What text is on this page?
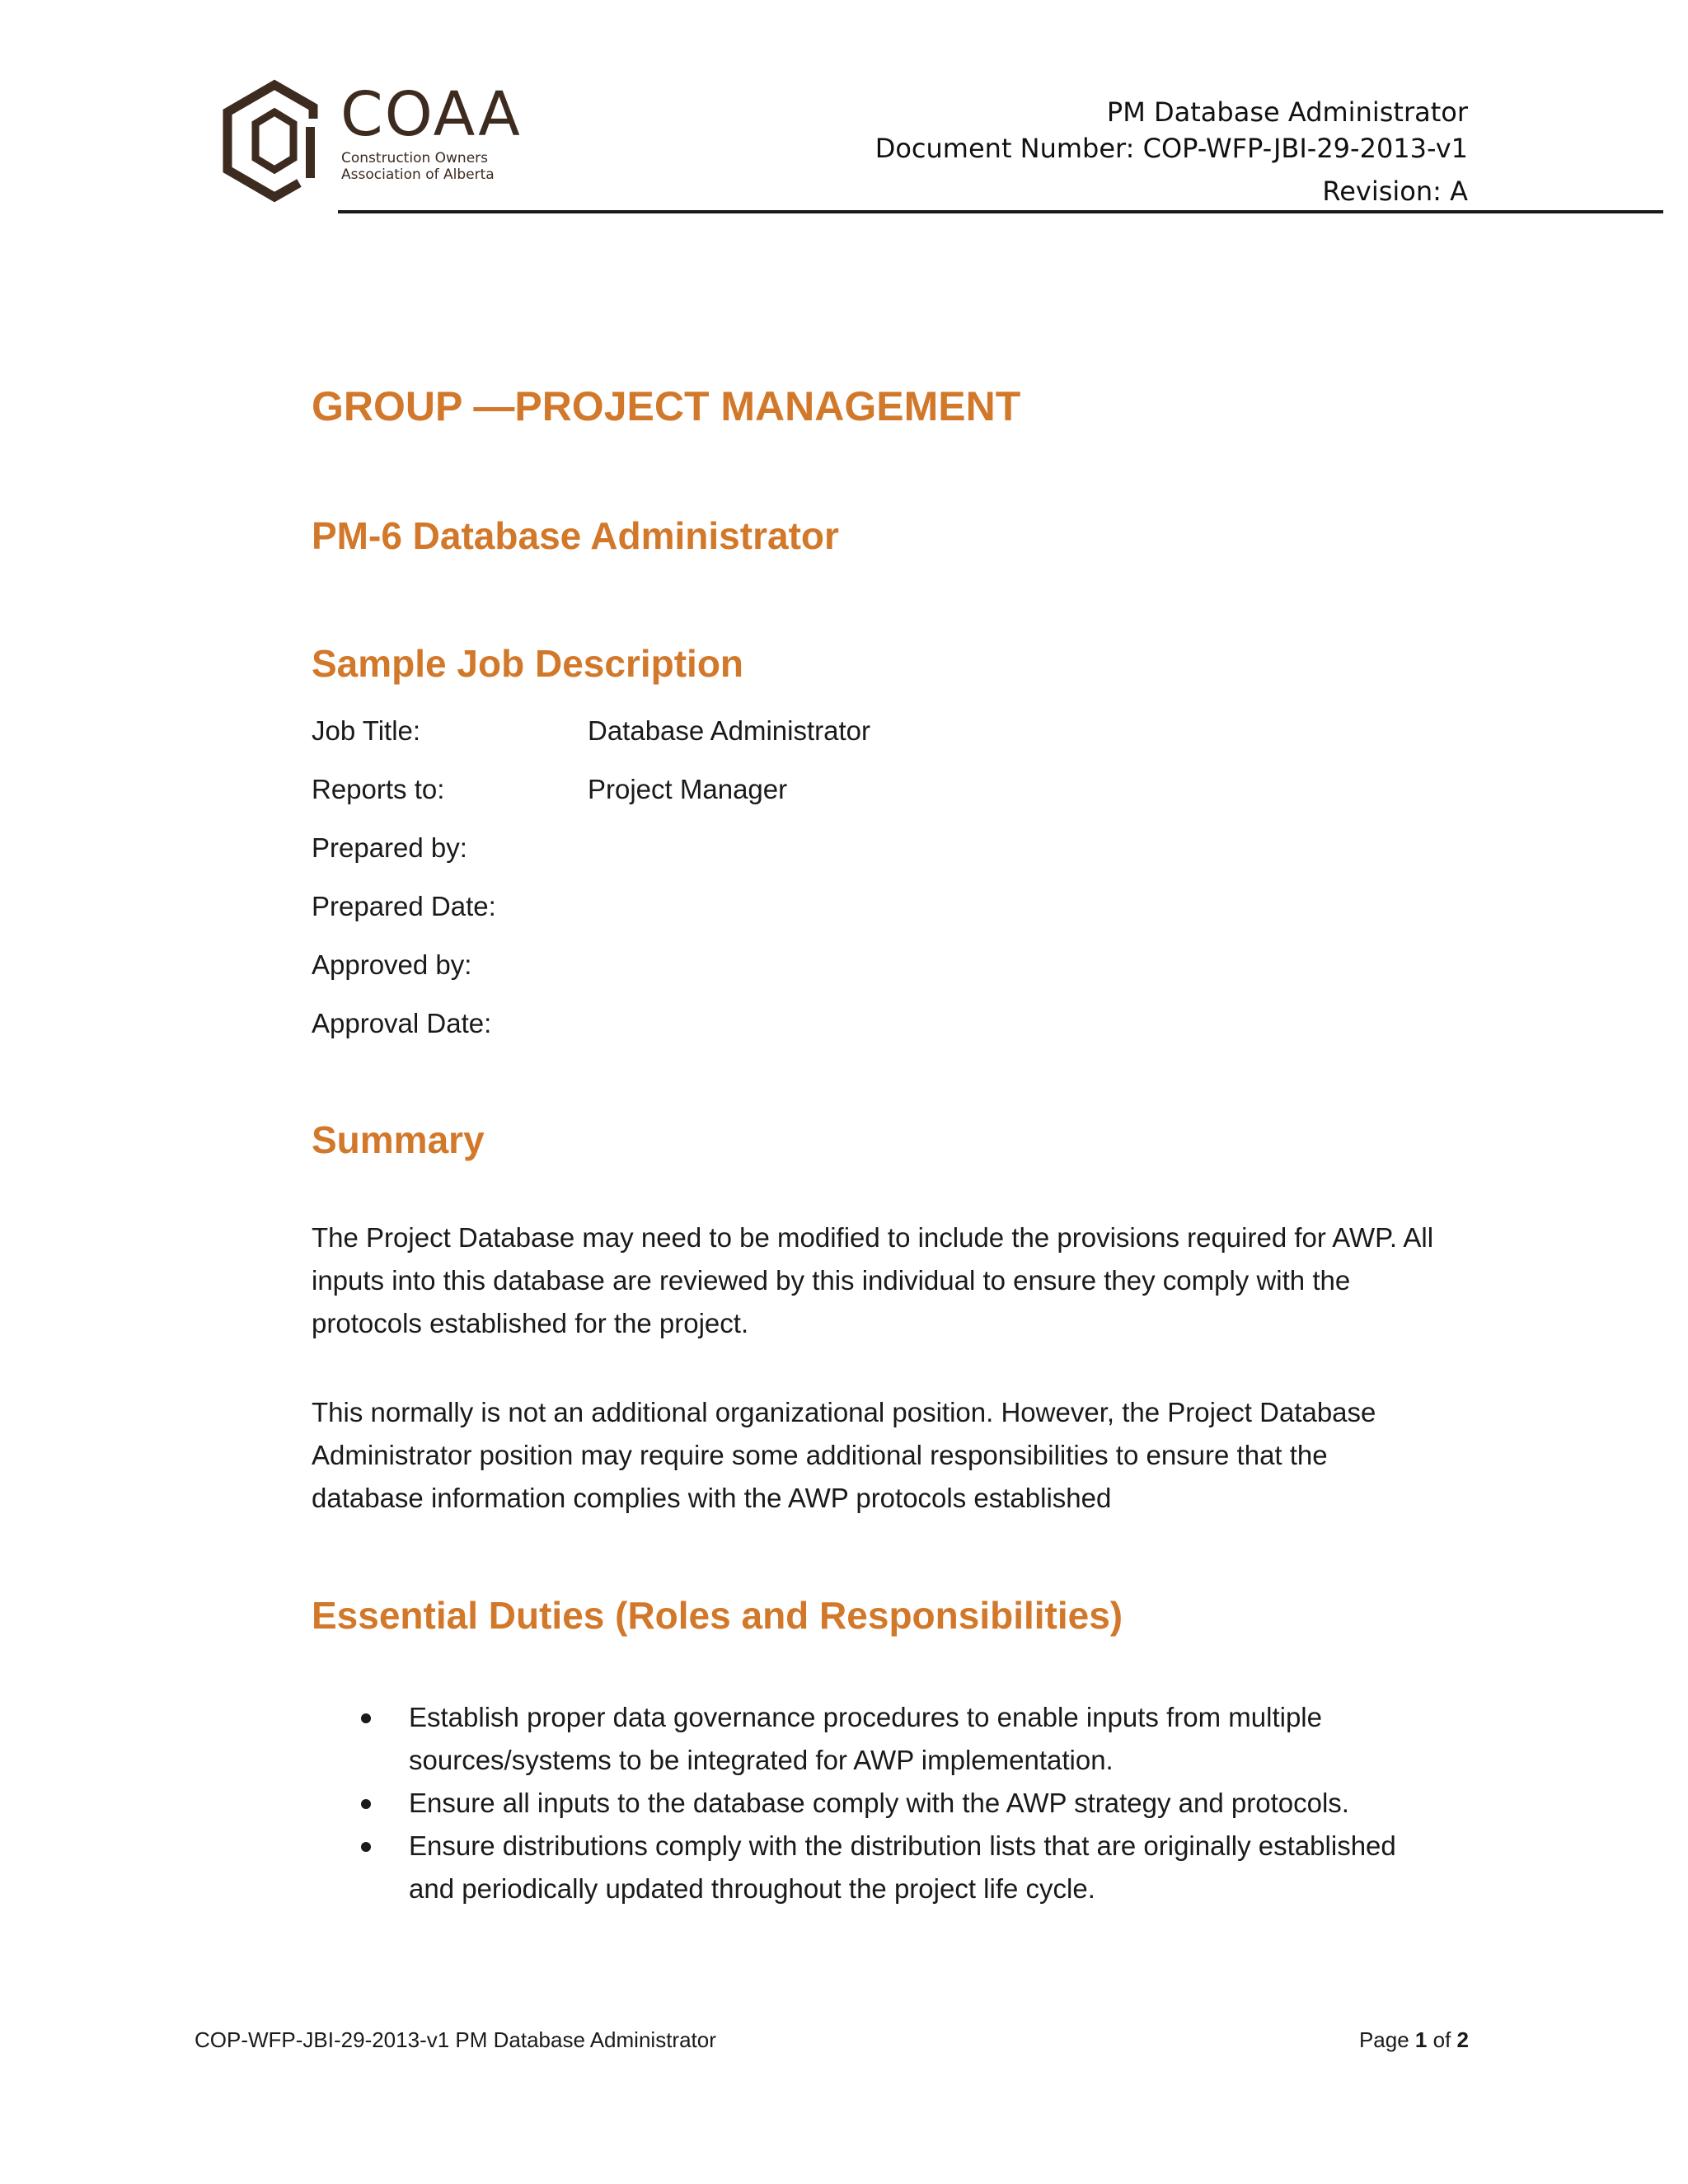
COAA
Construction Owners
Association of Alberta
PM Database Administrator
Document Number: COP-WFP-JBI-29-2013-v1
Revision: A
GROUP —PROJECT MANAGEMENT
PM-6 Database Administrator
Sample Job Description
Job Title:	Database Administrator
Reports to:	Project Manager
Prepared by:
Prepared Date:
Approved by:
Approval Date:
Summary
The Project Database may need to be modified to include the provisions required for AWP. All
inputs into this database are reviewed by this individual to ensure they comply with the
protocols established for the project.
This normally is not an additional organizational position. However, the Project Database
Administrator position may require some additional responsibilities to ensure that the
database information complies with the AWP protocols established
Essential Duties (Roles and Responsibilities)
Establish proper data governance procedures to enable inputs from multiple
sources/systems to be integrated for AWP implementation.
Ensure all inputs to the database comply with the AWP strategy and protocols.
Ensure distributions comply with the distribution lists that are originally established
and periodically updated throughout the project life cycle.
COP-WFP-JBI-29-2013-v1 PM Database Administrator	Page 1 of 2
